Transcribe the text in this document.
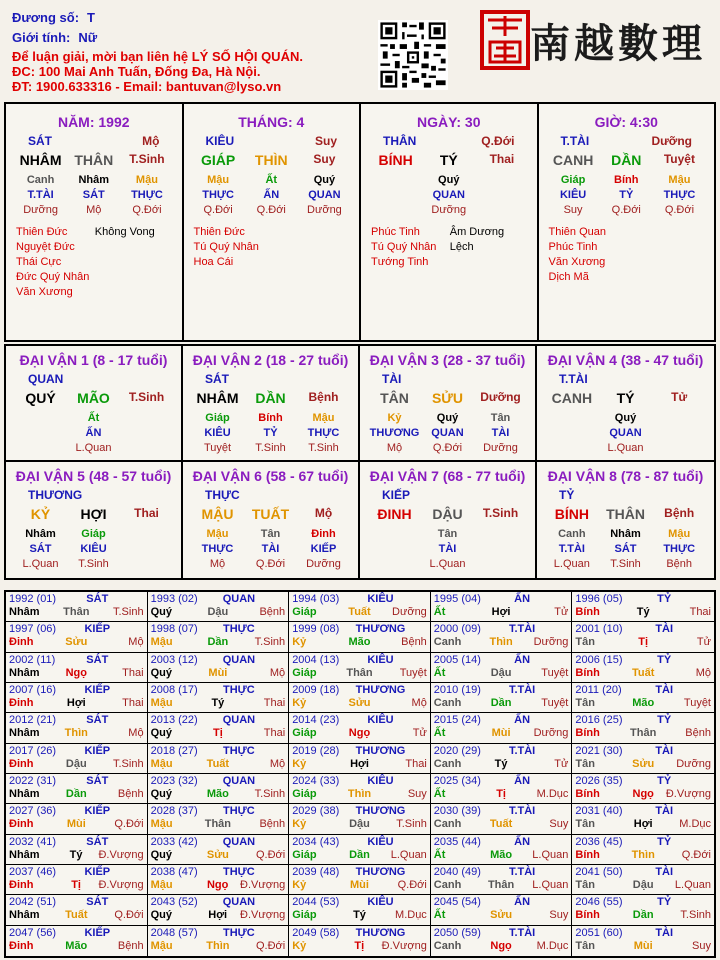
Đương số: T
Giới tính: Nữ
Để luận giải, mời bạn liên hệ LÝ SỐ HỘI QUÁN.
ĐC: 100 Mai Anh Tuấn, Đống Đa, Hà Nội.
ĐT: 1900.633316 - Email: bantuvan@lyso.vn
南越數理
NĂM: 1992
SÁT	Mộ
NHÂM THÂN	T.Sinh
Canh	Nhâm	Mậu
T.TÀI	SÁT	THỰC
Dưỡng	Mộ	Q.Đới
Thiên Đức
Nguyệt Đức
Thái Cực
Đức Quý Nhân
Văn Xương
Không Vong
THÁNG: 4
KIÊU	Suy
GIÁP	THÌN	Suy
Mậu	Ất	Quý
THỰC	ẤN	QUAN
Q.Đới	Q.Đới	Dưỡng
Thiên Đức
Tú Quý Nhân
Hoa Cái
NGÀY: 30
THÂN	Q.Đới
BÍNH	TÝ	Thai
Quý
QUAN
Dưỡng
Phúc Tinh
Tú Quý Nhân
Tướng Tinh
Âm Dương Lệch
GIỜ: 4:30
T.TÀI	Dưỡng
CANH	DẦN	Tuyệt
Giáp	Bính	Mậu
KIÊU	TỶ	THỰC
Suy	Q.Đới	Q.Đới
Thiên Quan
Phúc Tinh
Văn Xương
Dịch Mã
ĐẠI VẬN 1 (8 - 17 tuổi)
QUAN
QUÝ	MÃO	T.Sinh
Ất
ẤN
L.Quan
ĐẠI VẬN 2 (18 - 27 tuổi)
SÁT
NHÂM	DẦN	Bệnh
Giáp	Bính	Mậu
KIÊU	TỶ	THỰC
Tuyệt	T.Sinh	T.Sinh
ĐẠI VẬN 3 (28 - 37 tuổi)
TÀI
TÂN	SỬU	Dưỡng
Kỷ	Quý	Tân
THƯƠNG	QUAN	TÀI
Mộ	Q.Đới	Dưỡng
ĐẠI VẬN 4 (38 - 47 tuổi)
T.TÀI
CANH	TÝ	Tử
Quý
QUAN
L.Quan
ĐẠI VẬN 5 (48 - 57 tuổi)
THƯƠNG
KỶ	HỢI	Thai
Nhâm	Giáp
SÁT	KIÊU
L.Quan	T.Sinh
ĐẠI VẬN 6 (58 - 67 tuổi)
THỰC
MẬU	TUẤT	Mộ
Mậu	Tân	Đinh
THỰC	TÀI	KIẾP
Mộ	Q.Đới	Dưỡng
ĐẠI VẬN 7 (68 - 77 tuổi)
KIẾP
ĐINH	DẬU	T.Sinh
Tân
TÀI
L.Quan
ĐẠI VẬN 8 (78 - 87 tuổi)
TỶ
BÍNH	THÂN	Bệnh
Canh	Nhâm	Mậu
T.TÀI	SÁT	THỰC
L.Quan	T.Sinh	Bệnh
1992 (01)	SÁT
Nhâm	Thân	T.Sinh
1993 (02)	QUAN
Quý	Dậu	Bệnh
1994 (03)	KIÊU
Giáp	Tuất	Dưỡng
1995 (04)	ẤN
Ất	Hợi	Tử
1996 (05)	TỶ
Bính	Tý	Thai
1997 (06)	KIẾP
Đinh	Sửu	Mộ
1998 (07)	THỰC
Mậu	Dần	T.Sinh
1999 (08)	THƯƠNG
Kỷ	Mão	Bệnh
2000 (09)	T.TÀI
Canh	Thìn	Dưỡng
2001 (10)	TÀI
Tân	Tị	Tử
2002 (11)	SÁT
Nhâm	Ngọ	Thai
2003 (12)	QUAN
Quý	Mùi	Mộ
2004 (13)	KIÊU
Giáp	Thân	Tuyệt
2005 (14)	ẤN
Ất	Dậu	Tuyệt
2006 (15)	TỶ
Bính	Tuất	Mộ
2007 (16)	KIẾP
Đinh	Hợi	Thai
2008 (17)	THỰC
Mậu	Tý	Thai
2009 (18)	THƯƠNG
Kỷ	Sửu	Mộ
2010 (19)	T.TÀI
Canh	Dần	Tuyệt
2011 (20)	TÀI
Tân	Mão	Tuyệt
2012 (21)	SÁT
Nhâm	Thìn	Mộ
2013 (22)	QUAN
Quý	Tị	Thai
2014 (23)	KIÊU
Giáp	Ngọ	Tử
2015 (24)	ẤN
Ất	Mùi	Dưỡng
2016 (25)	TỶ
Bính	Thân	Bệnh
2017 (26)	KIẾP
Đinh	Dậu	T.Sinh
2018 (27)	THỰC
Mậu	Tuất	Mộ
2019 (28)	THƯƠNG
Kỷ	Hợi	Thai
2020 (29)	T.TÀI
Canh	Tý	Tử
2021 (30)	TÀI
Tân	Sửu	Dưỡng
2022 (31)	SÁT
Nhâm	Dần	Bệnh
2023 (32)	QUAN
Quý	Mão	T.Sinh
2024 (33)	KIÊU
Giáp	Thìn	Suy
2025 (34)	ẤN
Ất	Tị	M.Dục
2026 (35)	TỶ
Bính	Ngọ	Đ.Vượng
2027 (36)	KIẾP
Đinh	Mùi	Q.Đới
2028 (37)	THỰC
Mậu	Thân	Bệnh
2029 (38)	THƯƠNG
Kỷ	Dậu	T.Sinh
2030 (39)	T.TÀI
Canh	Tuất	Suy
2031 (40)	TÀI
Tân	Hợi	M.Dục
2032 (41)	SÁT
Nhâm	Tý	Đ.Vượng
2033 (42)	QUAN
Quý	Sửu	Q.Đới
2034 (43)	KIÊU
Giáp	Dần	L.Quan
2035 (44)	ẤN
Ất	Mão	L.Quan
2036 (45)	TỶ
Bính	Thìn	Q.Đới
2037 (46)	KIẾP
Đinh	Tị	Đ.Vượng
2038 (47)	THỰC
Mậu	Ngọ	Đ.Vượng
2039 (48)	THƯƠNG
Kỷ	Mùi	Q.Đới
2040 (49)	T.TÀI
Canh	Thân	L.Quan
2041 (50)	TÀI
Tân	Dậu	L.Quan
2042 (51)	SÁT
Nhâm	Tuất	Q.Đới
2043 (52)	QUAN
Quý	Hợi	Đ.Vượng
2044 (53)	KIÊU
Giáp	Tý	M.Dục
2045 (54)	ẤN
Ất	Sửu	Suy
2046 (55)	TỶ
Bính	Dần	T.Sinh
2047 (56)	KIẾP
Đinh	Mão	Bệnh
2048 (57)	THỰC
Mậu	Thìn	Q.Đới
2049 (58)	THƯƠNG
Kỷ	Tị	Đ.Vượng
2050 (59)	T.TÀI
Canh	Ngọ	M.Dục
2051 (60)	TÀI
Tân	Mùi	Suy
